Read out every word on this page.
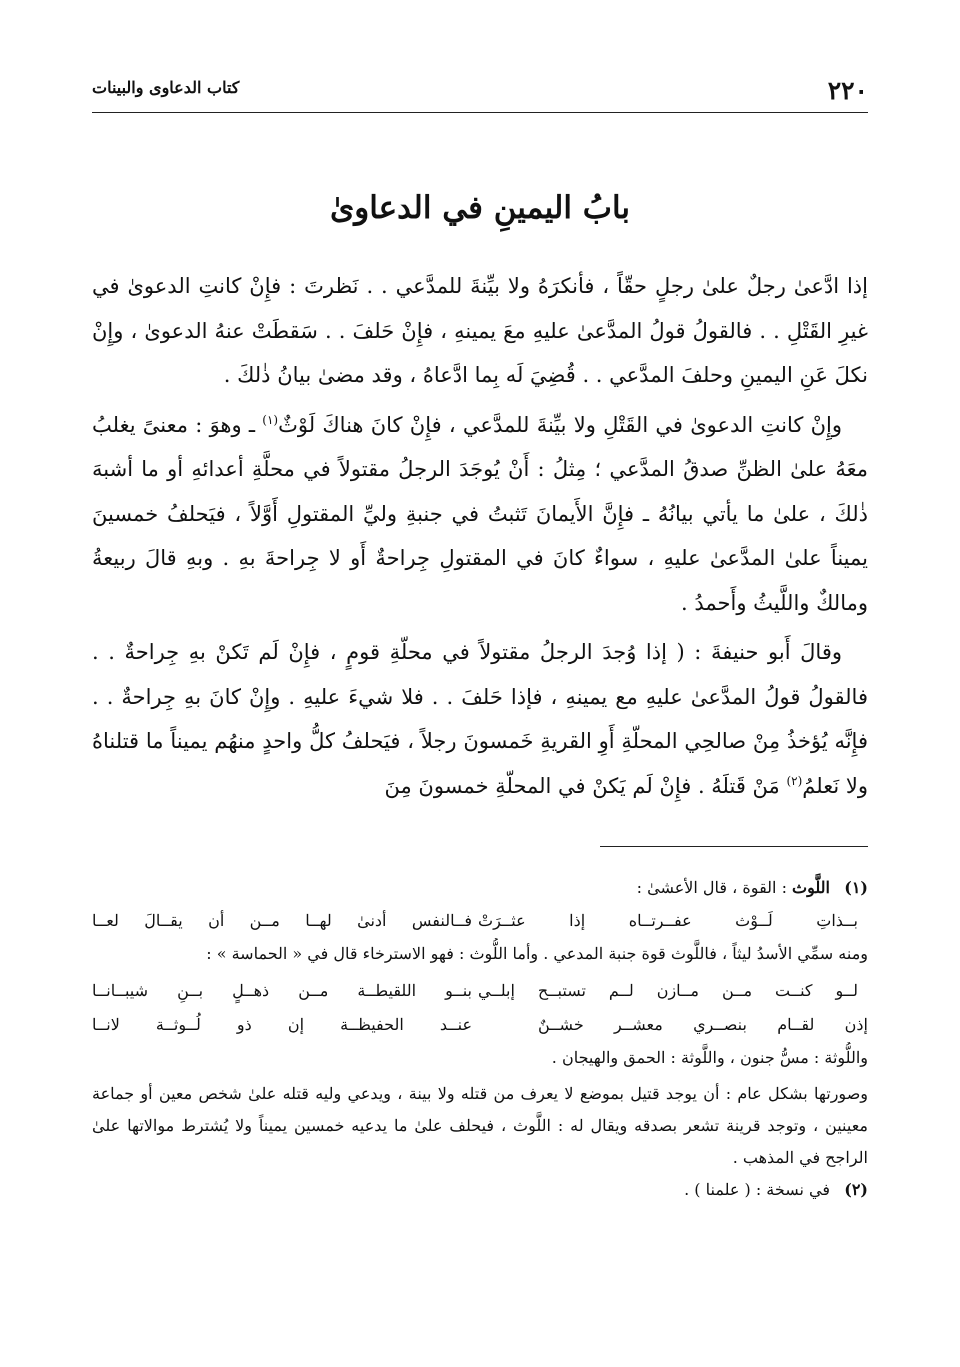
٢٢٠
كتاب الدعاوى والبينات
بابُ اليمينِ في الدعاوىٰ

إذا ادَّعىٰ رجلٌ علىٰ رجلٍ حقّاً ، فأنكرَهُ ولا بيِّنةَ للمدَّعي . . نَظرتَ : فإِنْ كانتِ الدعوىٰ في غيرِ القَتْلِ . . فالقولُ قولُ المدَّعىٰ عليهِ معَ يمينهِ ، فإِنْ حَلفَ . . سَقطَتْ عنهُ الدعوىٰ ، وإِنْ نكلَ عَنِ اليمينِ وحلفَ المدَّعي . . قُضِيَ لَه بِما ادَّعاهُ ، وقد مضىٰ بيانُ ذٰلكَ .

وإِنْ كانتِ الدعوىٰ في القَتْلِ ولا بيِّنةَ للمدَّعي ، فإِنْ كانَ هناكَ لَوْثٌ$^{(١)}$ ـ وهوَ : معنىً يغلبُ معَهُ علىٰ الظنِّ صدقُ المدَّعي ؛ مِثلُ : أَنْ يُوجَدَ الرجلُ مقتولاً في محلَّةِ أعدائهِ أو ما أشبهَ ذٰلكَ ، علىٰ ما يأتي بيانُهُ ـ فإِنَّ الأَيمانَ تَثبتُ في جنبةِ وليِّ المقتولِ أَوَّلاً ، فيَحلفُ خمسينَ يميناً علىٰ المدَّعىٰ عليهِ ، سواءٌ كانَ في المقتولِ جِراحةٌ أَو لا جِراحةَ بهِ . وبهِ قالَ ربيعةُ ومالكٌ واللَّيثُ وأَحمدُ .

وقالَ أَبو حنيفةَ : ( إذا وُجدَ الرجلُ مقتولاً في محلّةِ قومٍ ، فإِنْ لَم تَكنْ بهِ جِراحةٌ . . فالقولُ قولُ المدَّعىٰ عليهِ مع يمينهِ ، فإذا حَلفَ . . فلا شيءَ عليهِ . وإِنْ كانَ بهِ جِراحةٌ . . فإِنَّه يُؤخذُ مِنْ صالحِي المحلّةِ أَوِ القريةِ خَمسونَ رجلاً ، فيَحلفُ كلُّ واحدٍ منهُم يميناً ما قتلناهُ ولا نَعلمُ$^{(٢)}$ مَنْ قَتلَهُ . فإِنْ لَم يَكنْ في المحلّةِ خمسونَ مِنَ

(١)اللَّوث : القوة ، قال الأعشىٰ :
بــذاتِ لَــوْث عفــرتــاه إذا عثــرَتْ
فــالنفس أدنىٰ لهــا مــن أن يقــالَ لعــا
ومنه سمِّي الأسدُ ليثاً ، فاللَّوث قوة جنبة المدعي . وأما اللُّوث : فهو الاسترخاء قال في « الحماسة » :
لــو كنــت مــن مــازن لــم تستبــح إبلــي
بنــو اللقيطــة مــن ذهــلٍ بــنِ شيبــانــا
إذن لقــام بنصــري معشــر خشــنٌ
عنــد الحفيظــة إن ذو لُــوثــة لانــا
واللُّوثة : مسُّ جنون ، واللَّوثة : الحمق والهيجان .
وصورتها بشكل عام : أن يوجد قتيل بموضع لا يعرف من قتله ولا بينة ، ويدعي وليه قتله علىٰ شخص معين أو جماعة معينين ، وتوجد قرينة تشعر بصدقه ويقال له : اللَّوث ، فيحلف علىٰ ما يدعيه خمسين يميناً ولا يُشترط موالاتها علىٰ الراجح في المذهب .
(٢)في نسخة : ( علمنا ) .
